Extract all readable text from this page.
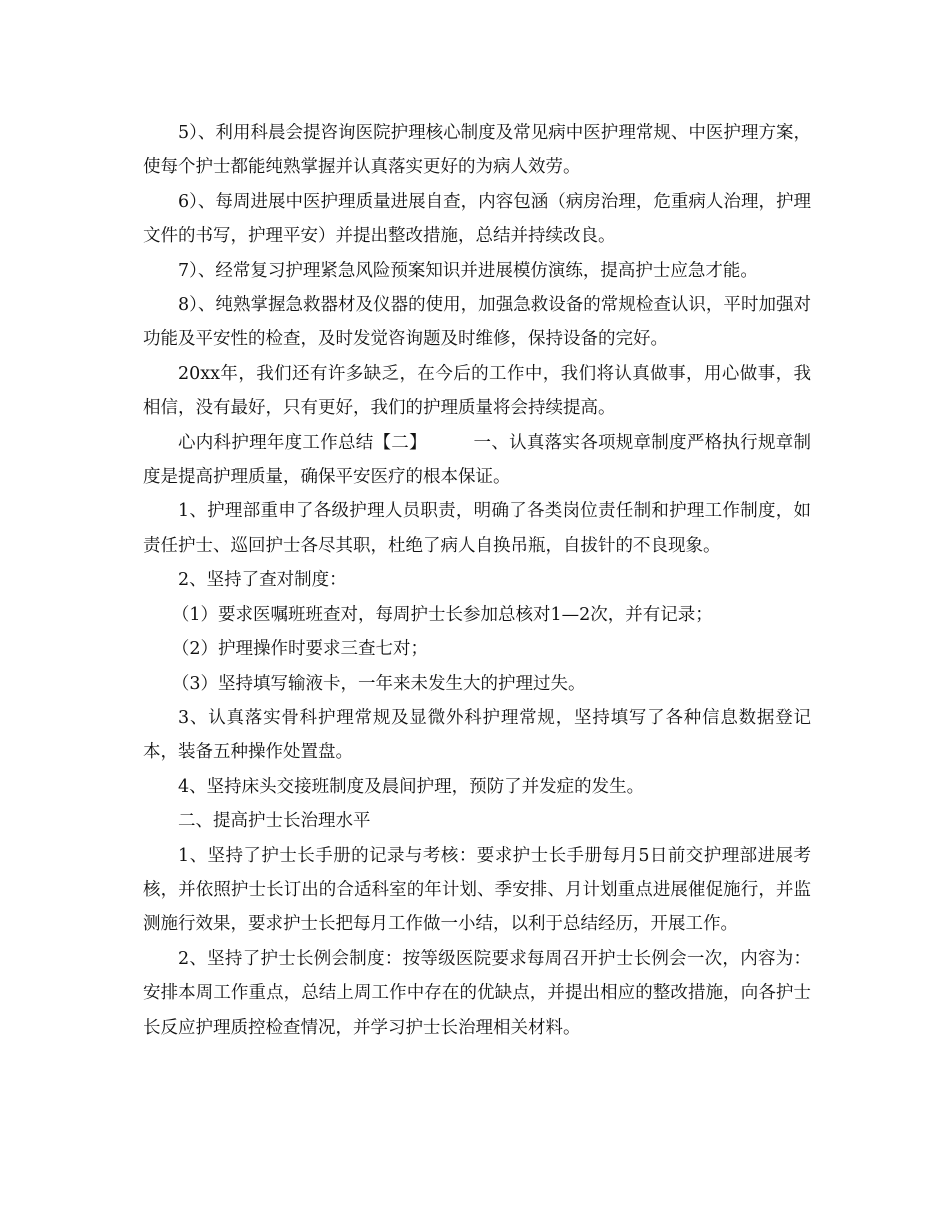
5）、利用科晨会提咨询医院护理核心制度及常见病中医护理常规、中医护理方案，使每个护士都能纯熟掌握并认真落实更好的为病人效劳。

6）、每周进展中医护理质量进展自查，内容包涵（病房治理，危重病人治理，护理文件的书写，护理平安）并提出整改措施，总结并持续改良。

7）、经常复习护理紧急风险预案知识并进展模仿演练，提高护士应急才能。

8）、纯熟掌握急救器材及仪器的使用，加强急救设备的常规检查认识，平时加强对功能及平安性的检查，及时发觉咨询题及时维修，保持设备的完好。

20xx年，我们还有许多缺乏，在今后的工作中，我们将认真做事，用心做事，我相信，没有最好，只有更好，我们的护理质量将会持续提高。

心内科护理年度工作总结【二】        一、认真落实各项规章制度严格执行规章制度是提高护理质量，确保平安医疗的根本保证。

1、护理部重申了各级护理人员职责，明确了各类岗位责任制和护理工作制度，如责任护士、巡回护士各尽其职，杜绝了病人自换吊瓶，自拔针的不良现象。

2、坚持了查对制度：

（1）要求医嘱班班查对，每周护士长参加总核对1—2次，并有记录；

（2）护理操作时要求三查七对；

（3）坚持填写输液卡，一年来未发生大的护理过失。

3、认真落实骨科护理常规及显微外科护理常规，坚持填写了各种信息数据登记本，装备五种操作处置盘。

4、坚持床头交接班制度及晨间护理，预防了并发症的发生。

二、提高护士长治理水平

1、坚持了护士长手册的记录与考核：要求护士长手册每月5日前交护理部进展考核，并依照护士长订出的合适科室的年计划、季安排、月计划重点进展催促施行，并监测施行效果，要求护士长把每月工作做一小结，以利于总结经历，开展工作。

2、坚持了护士长例会制度：按等级医院要求每周召开护士长例会一次，内容为：安排本周工作重点，总结上周工作中存在的优缺点，并提出相应的整改措施，向各护士长反应护理质控检查情况，并学习护士长治理相关材料。
